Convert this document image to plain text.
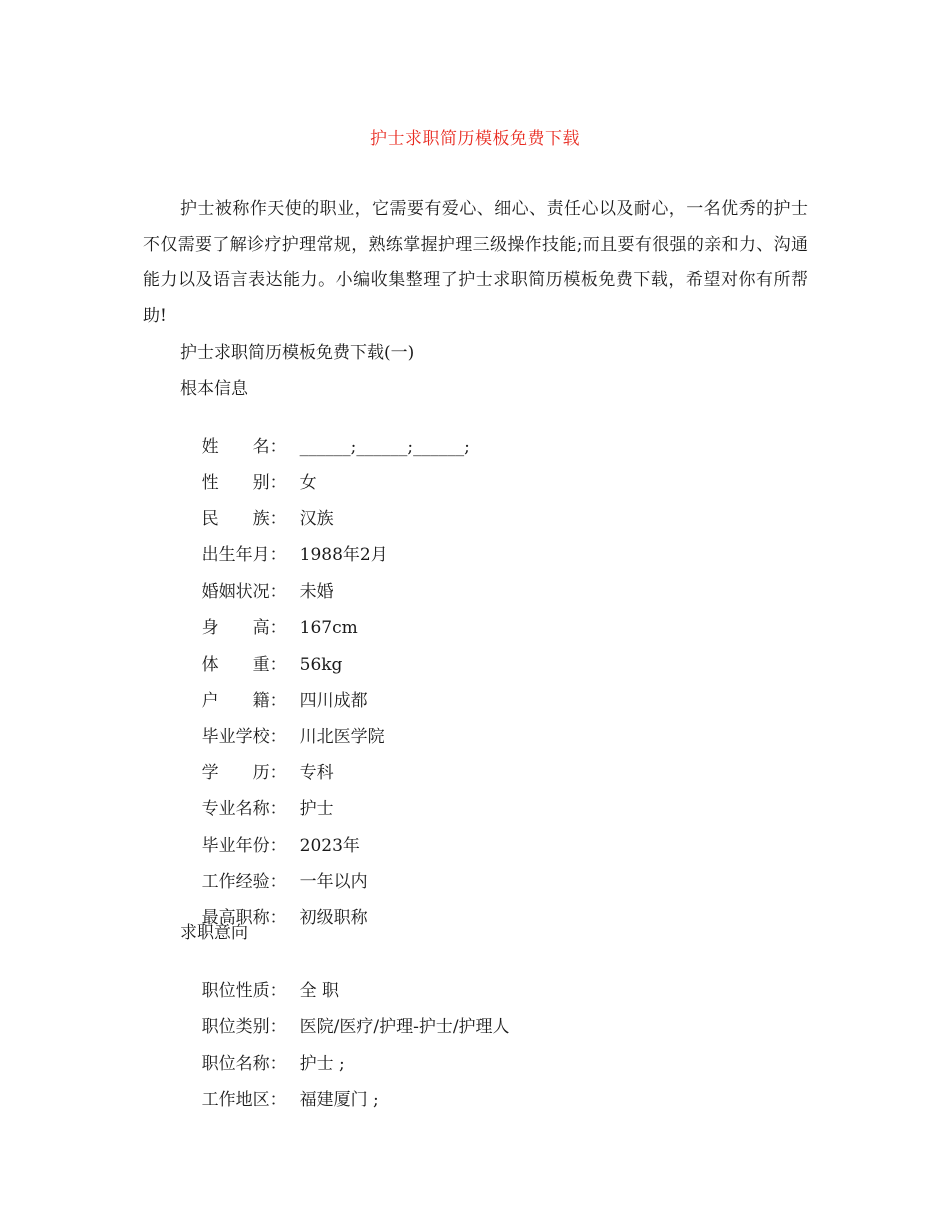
护士求职简历模板免费下载

护士被称作天使的职业，它需要有爱心、细心、责任心以及耐心，一名优秀的护士不仅需要了解诊疗护理常规，熟练掌握护理三级操作技能;而且要有很强的亲和力、沟通能力以及语言表达能力。小编收集整理了护士求职简历模板免费下载，希望对你有所帮助!

护士求职简历模板免费下载(一)
根本信息

姓　　名： ______;______;______;

性　　别： 女

民　　族： 汉族

出生年月： 1988年2月

婚姻状况： 未婚

身　　高： 167cm

体　　重： 56kg

户　　籍： 四川成都

毕业学校： 川北医学院

学　　历： 专科

专业名称： 护士

毕业年份： 2023年

工作经验： 一年以内

最高职称： 初级职称

求职意向

职位性质： 全 职

职位类别： 医院/医疗/护理-护士/护理人

职位名称： 护士 ;

工作地区： 福建厦门 ;
